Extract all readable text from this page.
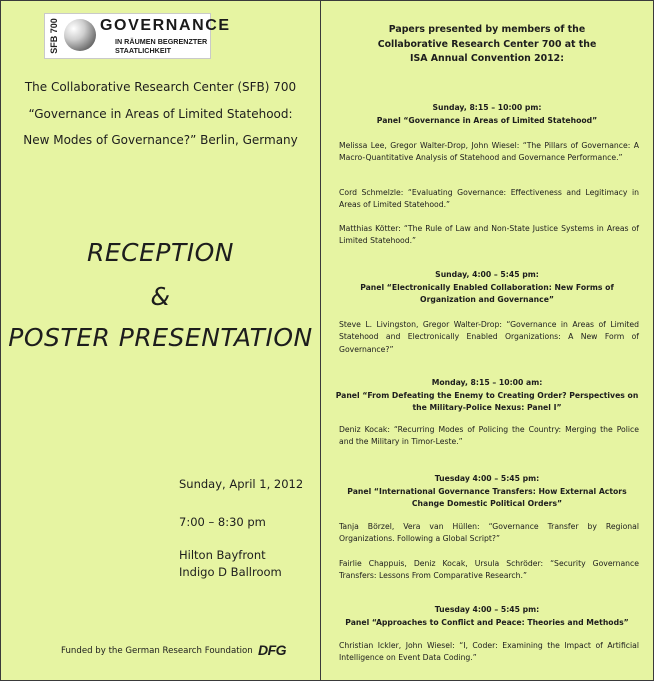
SFB 700	GOVERNANCE
IN RÄUMEN BEGRENZTER
STAATLICHKEIT
The Collaborative Research Center (SFB) 700
“Governance in Areas of Limited Statehood:
New Modes of Governance?” Berlin, Germany
RECEPTION
&
POSTER PRESENTATION
Sunday, April 1, 2012
7:00 – 8:30 pm
Hilton Bayfront
Indigo D Ballroom
Funded by the German Research Foundation DFG
Papers presented by members of the
Collaborative Research Center 700 at the
ISA Annual Convention 2012:
Sunday, 8:15 – 10:00 pm:
Panel “Governance in Areas of Limited Statehood”
Melissa Lee, Gregor Walter-Drop, John Wiesel: “The Pillars of Governance: A Macro-Quantitative Analysis of Statehood and Governance Performance.”
Cord Schmelzle: “Evaluating Governance: Effectiveness and Legitimacy in Areas of Limited Statehood.”
Matthias Kötter: “The Rule of Law and Non-State Justice Systems in Areas of Limited Statehood.”
Sunday, 4:00 – 5:45 pm:
Panel “Electronically Enabled Collaboration: New Forms of
Organization and Governance”
Steve L. Livingston, Gregor Walter-Drop: “Governance in Areas of Limited Statehood and Electronically Enabled Organizations: A New Form of Governance?”
Monday, 8:15 – 10:00 am:
Panel “From Defeating the Enemy to Creating Order? Perspectives on
the Military-Police Nexus: Panel I”
Deniz Kocak: “Recurring Modes of Policing the Country: Merging the Police and the Military in Timor-Leste.”
Tuesday 4:00 – 5:45 pm:
Panel “International Governance Transfers: How External Actors
Change Domestic Political Orders”
Tanja Börzel, Vera van Hüllen: “Governance Transfer by Regional Organizations. Following a Global Script?”
Fairlie Chappuis, Deniz Kocak, Ursula Schröder: “Security Governance Transfers: Lessons From Comparative Research.”
Tuesday 4:00 – 5:45 pm:
Panel “Approaches to Conflict and Peace: Theories and Methods”
Christian Ickler, John Wiesel: “I, Coder: Examining the Impact of Artificial Intelligence on Event Data Coding.”
